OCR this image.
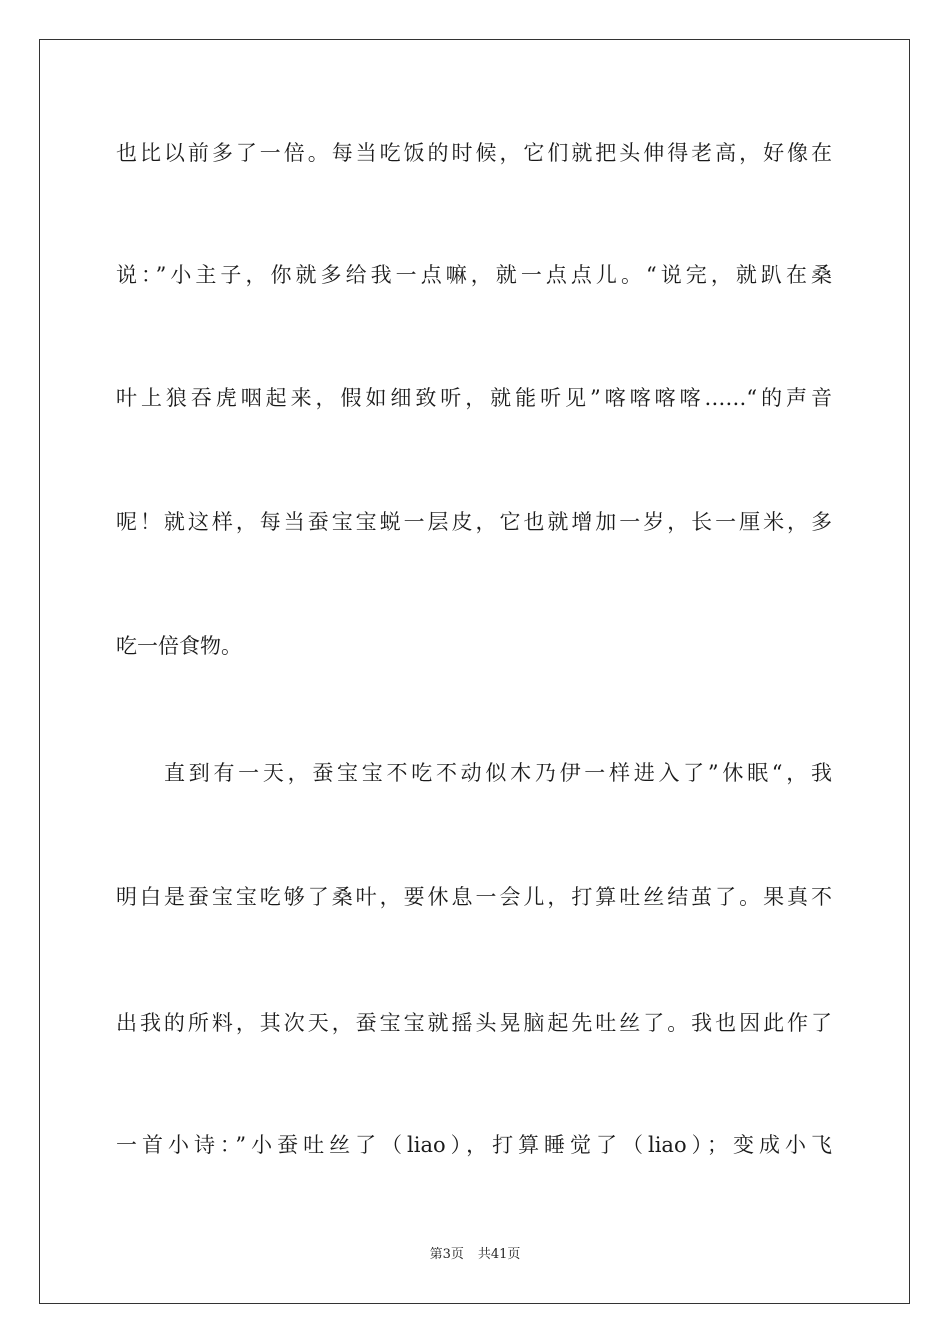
也比以前多了一倍。每当吃饭的时候，它们就把头伸得老高，好像在
说：”小主子，你就多给我一点嘛，就一点点儿。“说完，就趴在桑
叶上狼吞虎咽起来，假如细致听，就能听见”喀喀喀喀……“的声音
呢！就这样，每当蚕宝宝蜕一层皮，它也就增加一岁，长一厘米，多
吃一倍食物。
直到有一天，蚕宝宝不吃不动似木乃伊一样进入了”休眠“，我
明白是蚕宝宝吃够了桑叶，要休息一会儿，打算吐丝结茧了。果真不
出我的所料，其次天，蚕宝宝就摇头晃脑起先吐丝了。我也因此作了
一首小诗：”小蚕吐丝了（liao），打算睡觉了（liao）；变成小飞
第3页 共41页
